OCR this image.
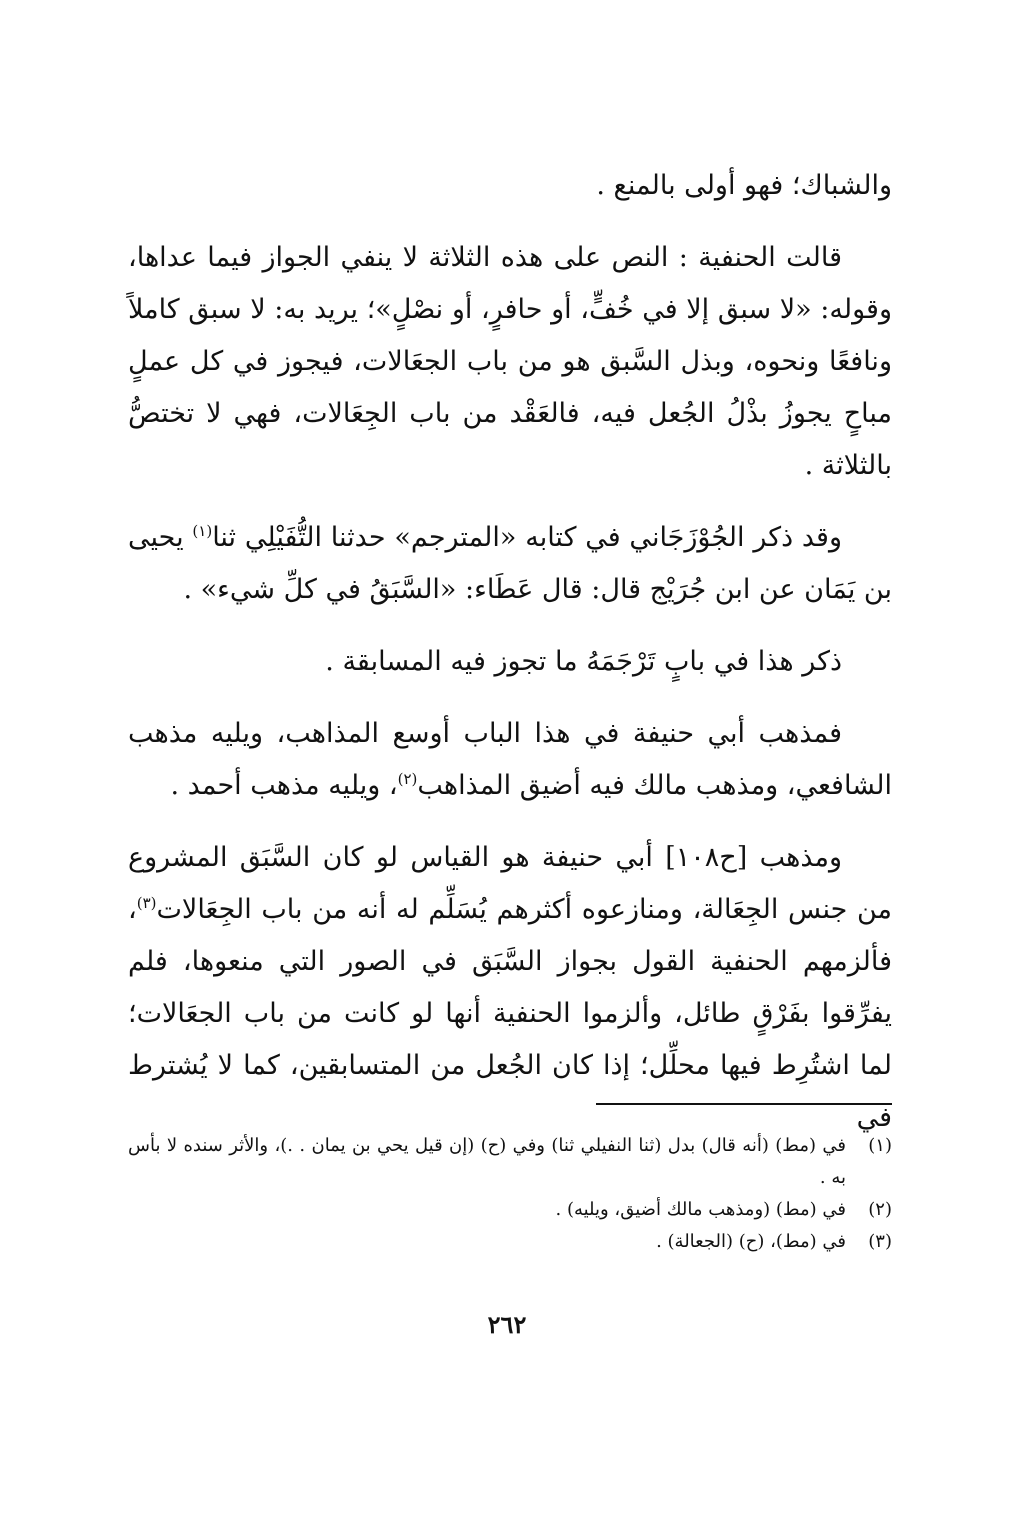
والشباك؛ فهو أولى بالمنع .

قالت الحنفية : النص على هذه الثلاثة لا ينفي الجواز فيما عداها، وقوله: «لا سبق إلا في خُفٍّ، أو حافرٍ، أو نصْلٍ»؛ يريد به: لا سبق كاملاً ونافعًا ونحوه، وبذل السَّبق هو من باب الجعَالات، فيجوز في كل عملٍ مباحٍ يجوزُ بذْلُ الجُعل فيه، فالعَقْد من باب الجِعَالات، فهي لا تختصُّ بالثلاثة .

وقد ذكر الجُوْزَجَاني في كتابه «المترجم» حدثنا التُّفَيْلِي ثنا$^{(١)}$ يحيى بن يَمَان عن ابن جُرَيْج قال: قال عَطَاء: «السَّبَقُ في كلِّ شيء» .

ذكر هذا في بابٍ تَرْجَمَهُ ما تجوز فيه المسابقة .

فمذهب أبي حنيفة في هذا الباب أوسع المذاهب، ويليه مذهب الشافعي، ومذهب مالك فيه أضيق المذاهب$^{(٢)}$، ويليه مذهب أحمد .

ومذهب [ح١٠٨] أبي حنيفة هو القياس لو كان السَّبَق المشروع من جنس الجِعَالة، ومنازعوه أكثرهم يُسَلِّم له أنه من باب الجِعَالات$^{(٣)}$، فألزمهم الحنفية القول بجواز السَّبَق في الصور التي منعوها، فلم يفرِّقوا بفَرْقٍ طائل، وألزموا الحنفية أنها لو كانت من باب الجعَالات؛ لما اشتُرِط فيها محلِّل؛ إذا كان الجُعل من المتسابقين، كما لا يُشترط في

(١)
في (مط) (أنه قال) بدل (ثنا النفيلي ثنا) وفي (ح) (إن قيل يحي بن يمان . .)، والأثر سنده لا بأس به .
(٢)
في (مط) (ومذهب مالك أضيق، ويليه) .
(٣)
في (مط)، (ح) (الجعالة) .
٢٦٢
